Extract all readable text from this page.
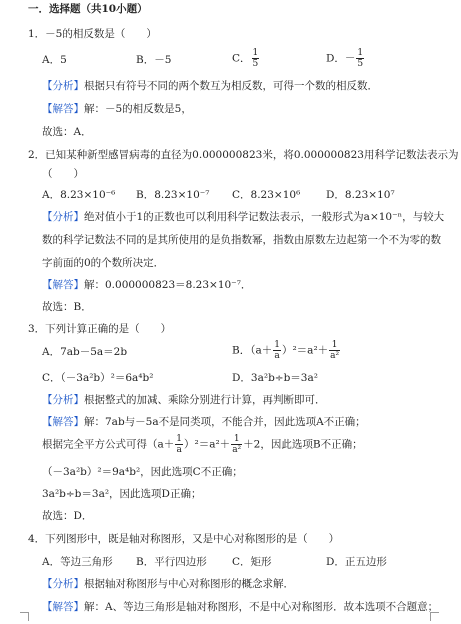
一．选择题（共10小题）
1．－5的相反数是（　　）
A．5	B．－5	C． $\frac{1}{5}$	D．－ $\frac{1}{5}$
【分析】根据只有符号不同的两个数互为相反数，可得一个数的相反数．
【解答】解：－5的相反数是5，
故选：A．
2．已知某种新型感冒病毒的直径为0.000000823米，将0.000000823用科学记数法表示为
（　　）
A．8.23×10⁻⁶ B．8.23×10⁻⁷ C．8.23×10⁶ D．8.23×10⁷
【分析】绝对值小于1的正数也可以利用科学记数法表示，一般形式为a×10⁻ⁿ，与较大
数的科学记数法不同的是其所使用的是负指数幂，指数由原数左边起第一个不为零的数
字前面的0的个数所决定．
【解答】解：0.000000823＝8.23×10⁻⁷．
故选：B．
3．下列计算正确的是（　　）
A．7ab－5a＝2b	B．$(a+ \frac{1}{a} )^2=a^2+ \frac{1}{\text{a²}}$
C．（－3a²b）²＝6a⁴b²	D．3a²b÷b＝3a²
【分析】根据整式的加减、乘除分别进行计算，再判断即可．
【解答】解：7ab与－5a不是同类项，不能合并，因此选项A不正确；
根据完全平方公式可得$(a+ \frac{1}{a} )^2=a^2+ \frac{1}{\text{a²}} +2$，因此选项B不正确；
（－3a²b）²＝9a⁴b²，因此选项C不正确；
3a²b÷b＝3a²，因此选项D正确；
故选：D．
4．下列图形中，既是轴对称图形，又是中心对称图形的是（　　）
A．等边三角形 B．平行四边形 C．矩形	D．正五边形
【分析】根据轴对称图形与中心对称图形的概念求解．
【解答】解：A、等边三角形是轴对称图形，不是中心对称图形．故本选项不合题意；
